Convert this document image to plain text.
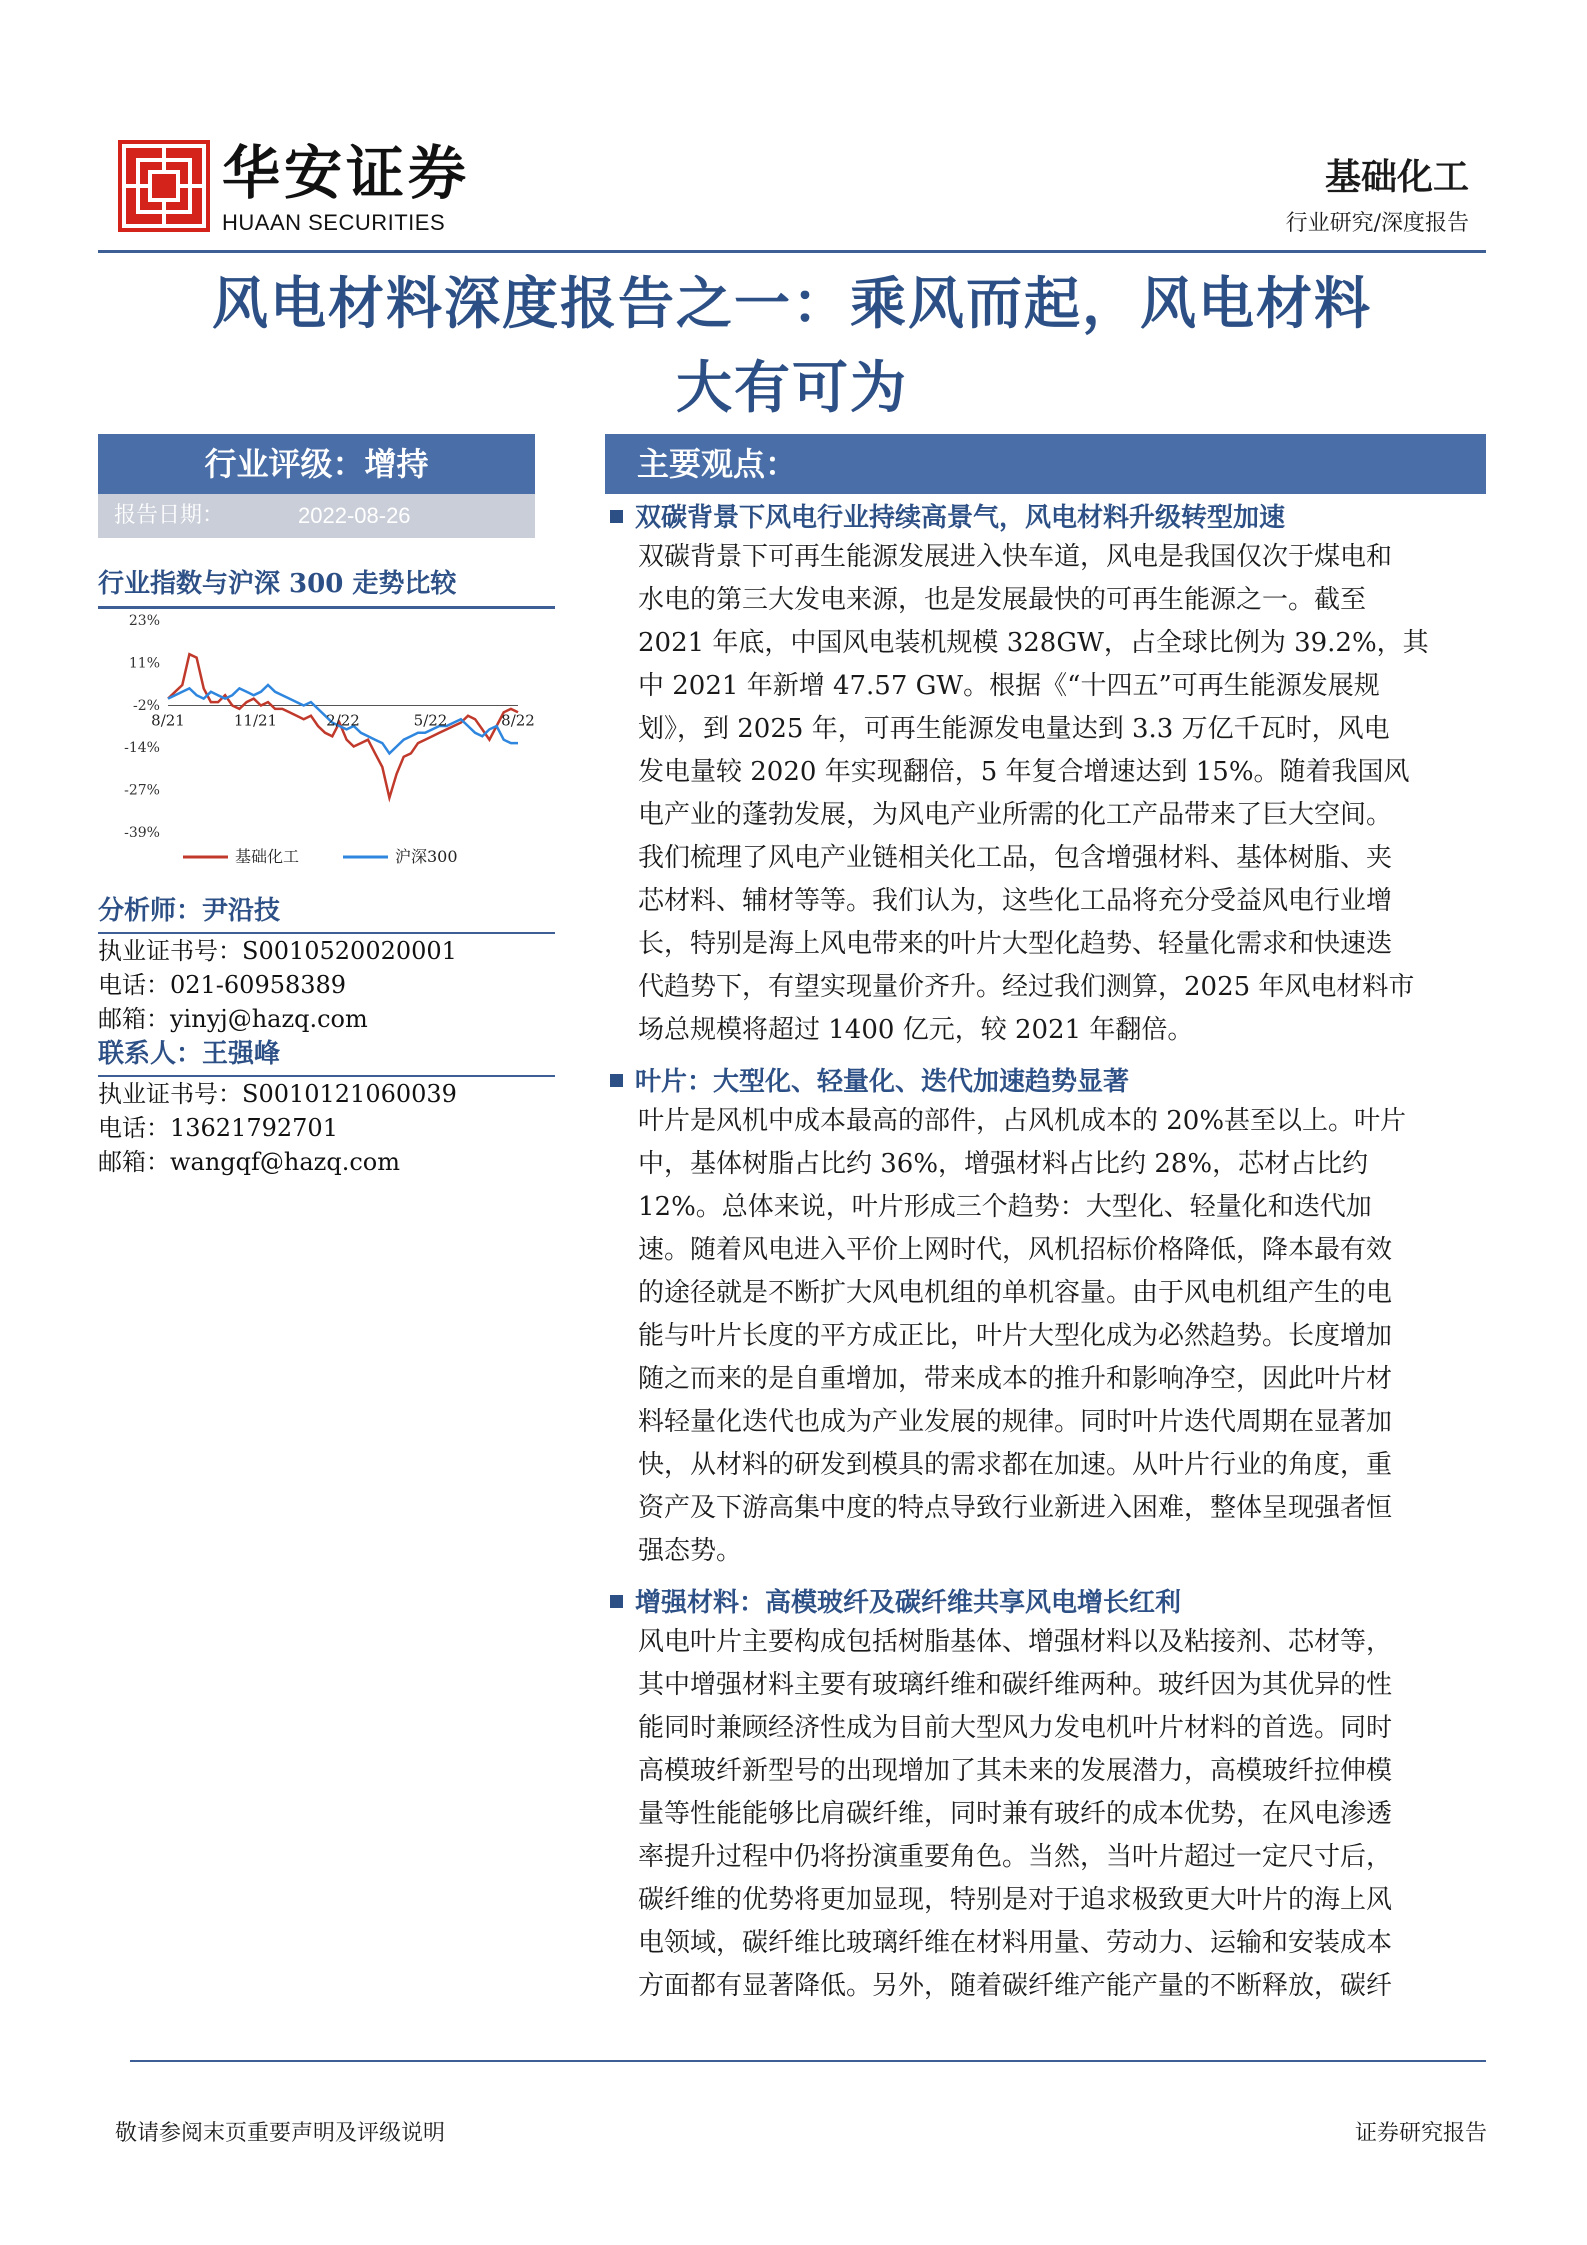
华安证券
HUAAN SECURITIES
基础化工
行业研究/深度报告
风电材料深度报告之一：乘风而起，风电材料
大有可为
行业评级：增持
报告日期：	2022-08-26
行业指数与沪深 300 走势比较
23%
11%
-2%
-14%
-27%
-39%
8/21	11/21	2/22	5/22	8/22
基础化工	沪深300
分析师：尹沿技
执业证书号：S0010520020001
电话：021-60958389
邮箱：yinyj@hazq.com
联系人：王强峰
执业证书号：S0010121060039
电话：13621792701
邮箱：wangqf@hazq.com
主要观点：
双碳背景下风电行业持续高景气，风电材料升级转型加速
双碳背景下可再生能源发展进入快车道，风电是我国仅次于煤电和
水电的第三大发电来源，也是发展最快的可再生能源之一。截至
2021 年底，中国风电装机规模 328GW，占全球比例为 39.2%，其
中 2021 年新增 47.57 GW。根据《“十四五”可再生能源发展规
划》，到 2025 年，可再生能源发电量达到 3.3 万亿千瓦时，风电
发电量较 2020 年实现翻倍，5 年复合增速达到 15%。随着我国风
电产业的蓬勃发展，为风电产业所需的化工产品带来了巨大空间。
我们梳理了风电产业链相关化工品，包含增强材料、基体树脂、夹
芯材料、辅材等等。我们认为，这些化工品将充分受益风电行业增
长，特别是海上风电带来的叶片大型化趋势、轻量化需求和快速迭
代趋势下，有望实现量价齐升。经过我们测算，2025 年风电材料市
场总规模将超过 1400 亿元，较 2021 年翻倍。
叶片：大型化、轻量化、迭代加速趋势显著
叶片是风机中成本最高的部件，占风机成本的 20%甚至以上。叶片
中，基体树脂占比约 36%，增强材料占比约 28%，芯材占比约
12%。总体来说，叶片形成三个趋势：大型化、轻量化和迭代加
速。随着风电进入平价上网时代，风机招标价格降低，降本最有效
的途径就是不断扩大风电机组的单机容量。由于风电机组产生的电
能与叶片长度的平方成正比，叶片大型化成为必然趋势。长度增加
随之而来的是自重增加，带来成本的推升和影响净空，因此叶片材
料轻量化迭代也成为产业发展的规律。同时叶片迭代周期在显著加
快，从材料的研发到模具的需求都在加速。从叶片行业的角度，重
资产及下游高集中度的特点导致行业新进入困难，整体呈现强者恒
强态势。
增强材料：高模玻纤及碳纤维共享风电增长红利
风电叶片主要构成包括树脂基体、增强材料以及粘接剂、芯材等，
其中增强材料主要有玻璃纤维和碳纤维两种。玻纤因为其优异的性
能同时兼顾经济性成为目前大型风力发电机叶片材料的首选。同时
高模玻纤新型号的出现增加了其未来的发展潜力，高模玻纤拉伸模
量等性能能够比肩碳纤维，同时兼有玻纤的成本优势，在风电渗透
率提升过程中仍将扮演重要角色。当然，当叶片超过一定尺寸后，
碳纤维的优势将更加显现，特别是对于追求极致更大叶片的海上风
电领域，碳纤维比玻璃纤维在材料用量、劳动力、运输和安装成本
方面都有显著降低。另外，随着碳纤维产能产量的不断释放，碳纤
敬请参阅末页重要声明及评级说明	证券研究报告
